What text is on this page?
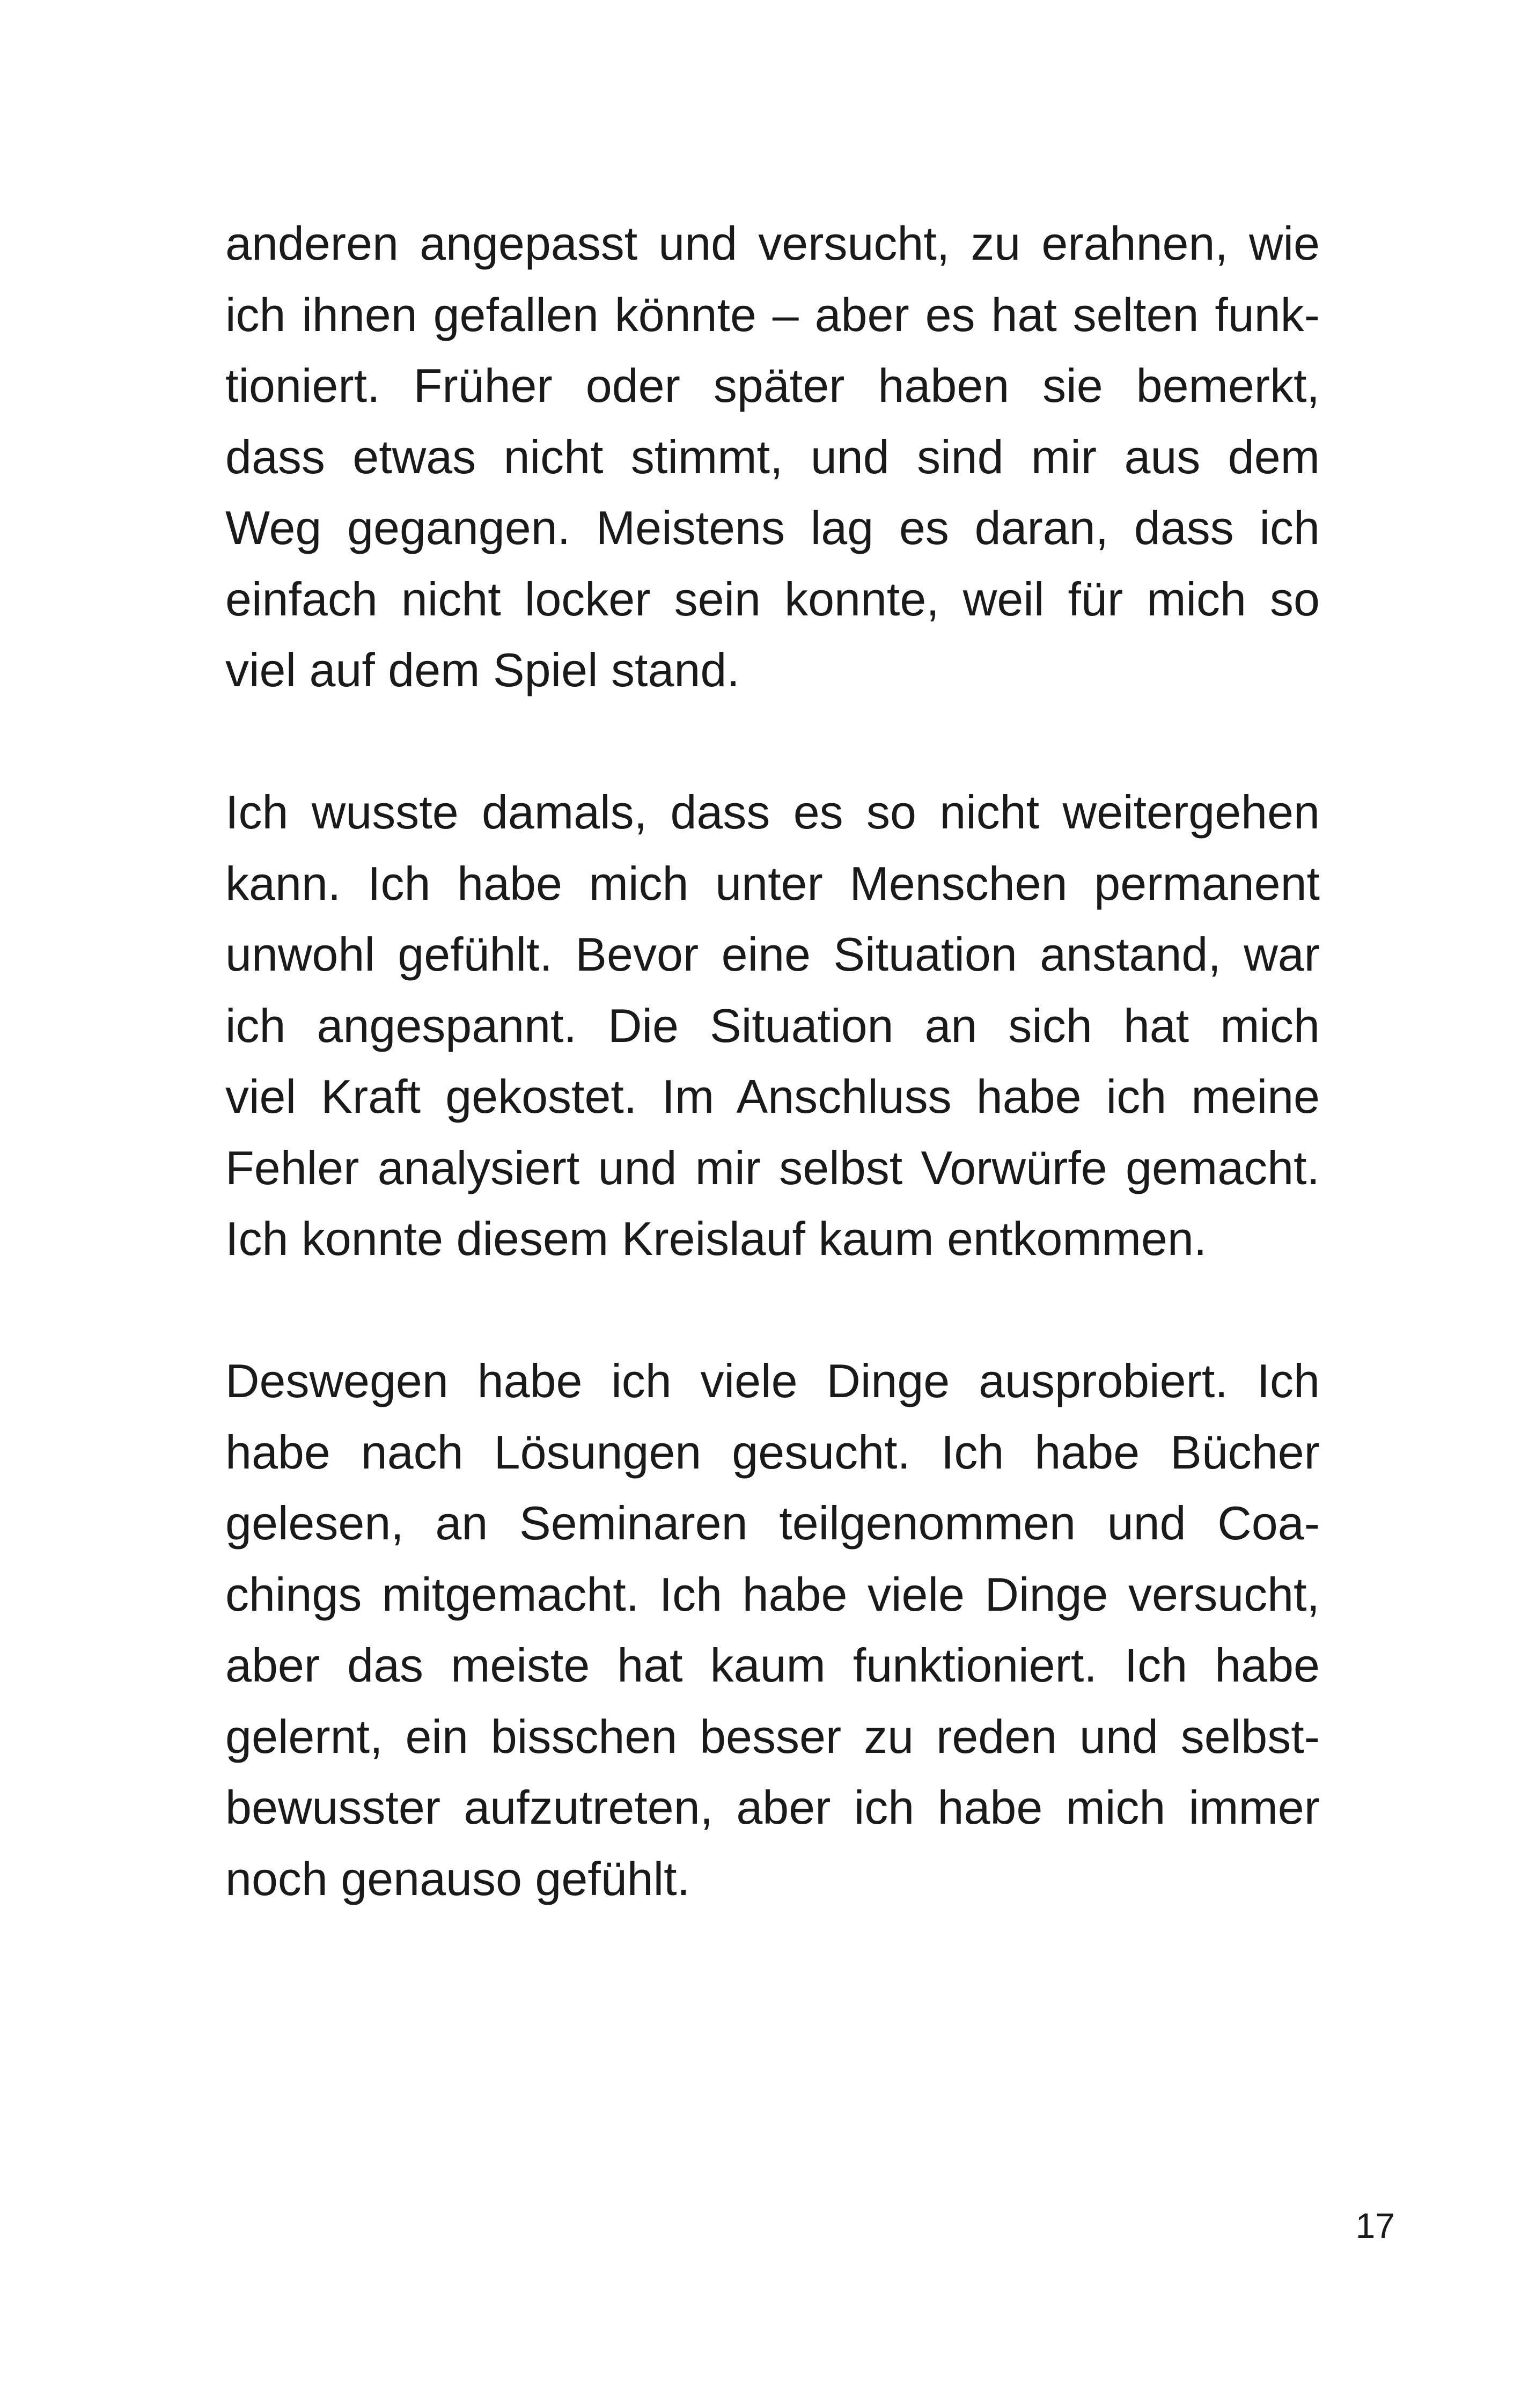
anderen angepasst und versucht, zu erahnen, wie
ich ihnen gefallen könnte – aber es hat selten funk-
tioniert. Früher oder später haben sie bemerkt,
dass etwas nicht stimmt, und sind mir aus dem
Weg gegangen. Meistens lag es daran, dass ich
einfach nicht locker sein konnte, weil für mich so
viel auf dem Spiel stand.
Ich wusste damals, dass es so nicht weitergehen
kann. Ich habe mich unter Menschen permanent
unwohl gefühlt. Bevor eine Situation anstand, war
ich angespannt. Die Situation an sich hat mich
viel Kraft gekostet. Im Anschluss habe ich meine
Fehler analysiert und mir selbst Vorwürfe gemacht.
Ich konnte diesem Kreislauf kaum entkommen.
Deswegen habe ich viele Dinge ausprobiert. Ich
habe nach Lösungen gesucht. Ich habe Bücher
gelesen, an Seminaren teilgenommen und Coa-
chings mitgemacht. Ich habe viele Dinge versucht,
aber das meiste hat kaum funktioniert. Ich habe
gelernt, ein bisschen besser zu reden und selbst-
bewusster aufzutreten, aber ich habe mich immer
noch genauso gefühlt.
17
